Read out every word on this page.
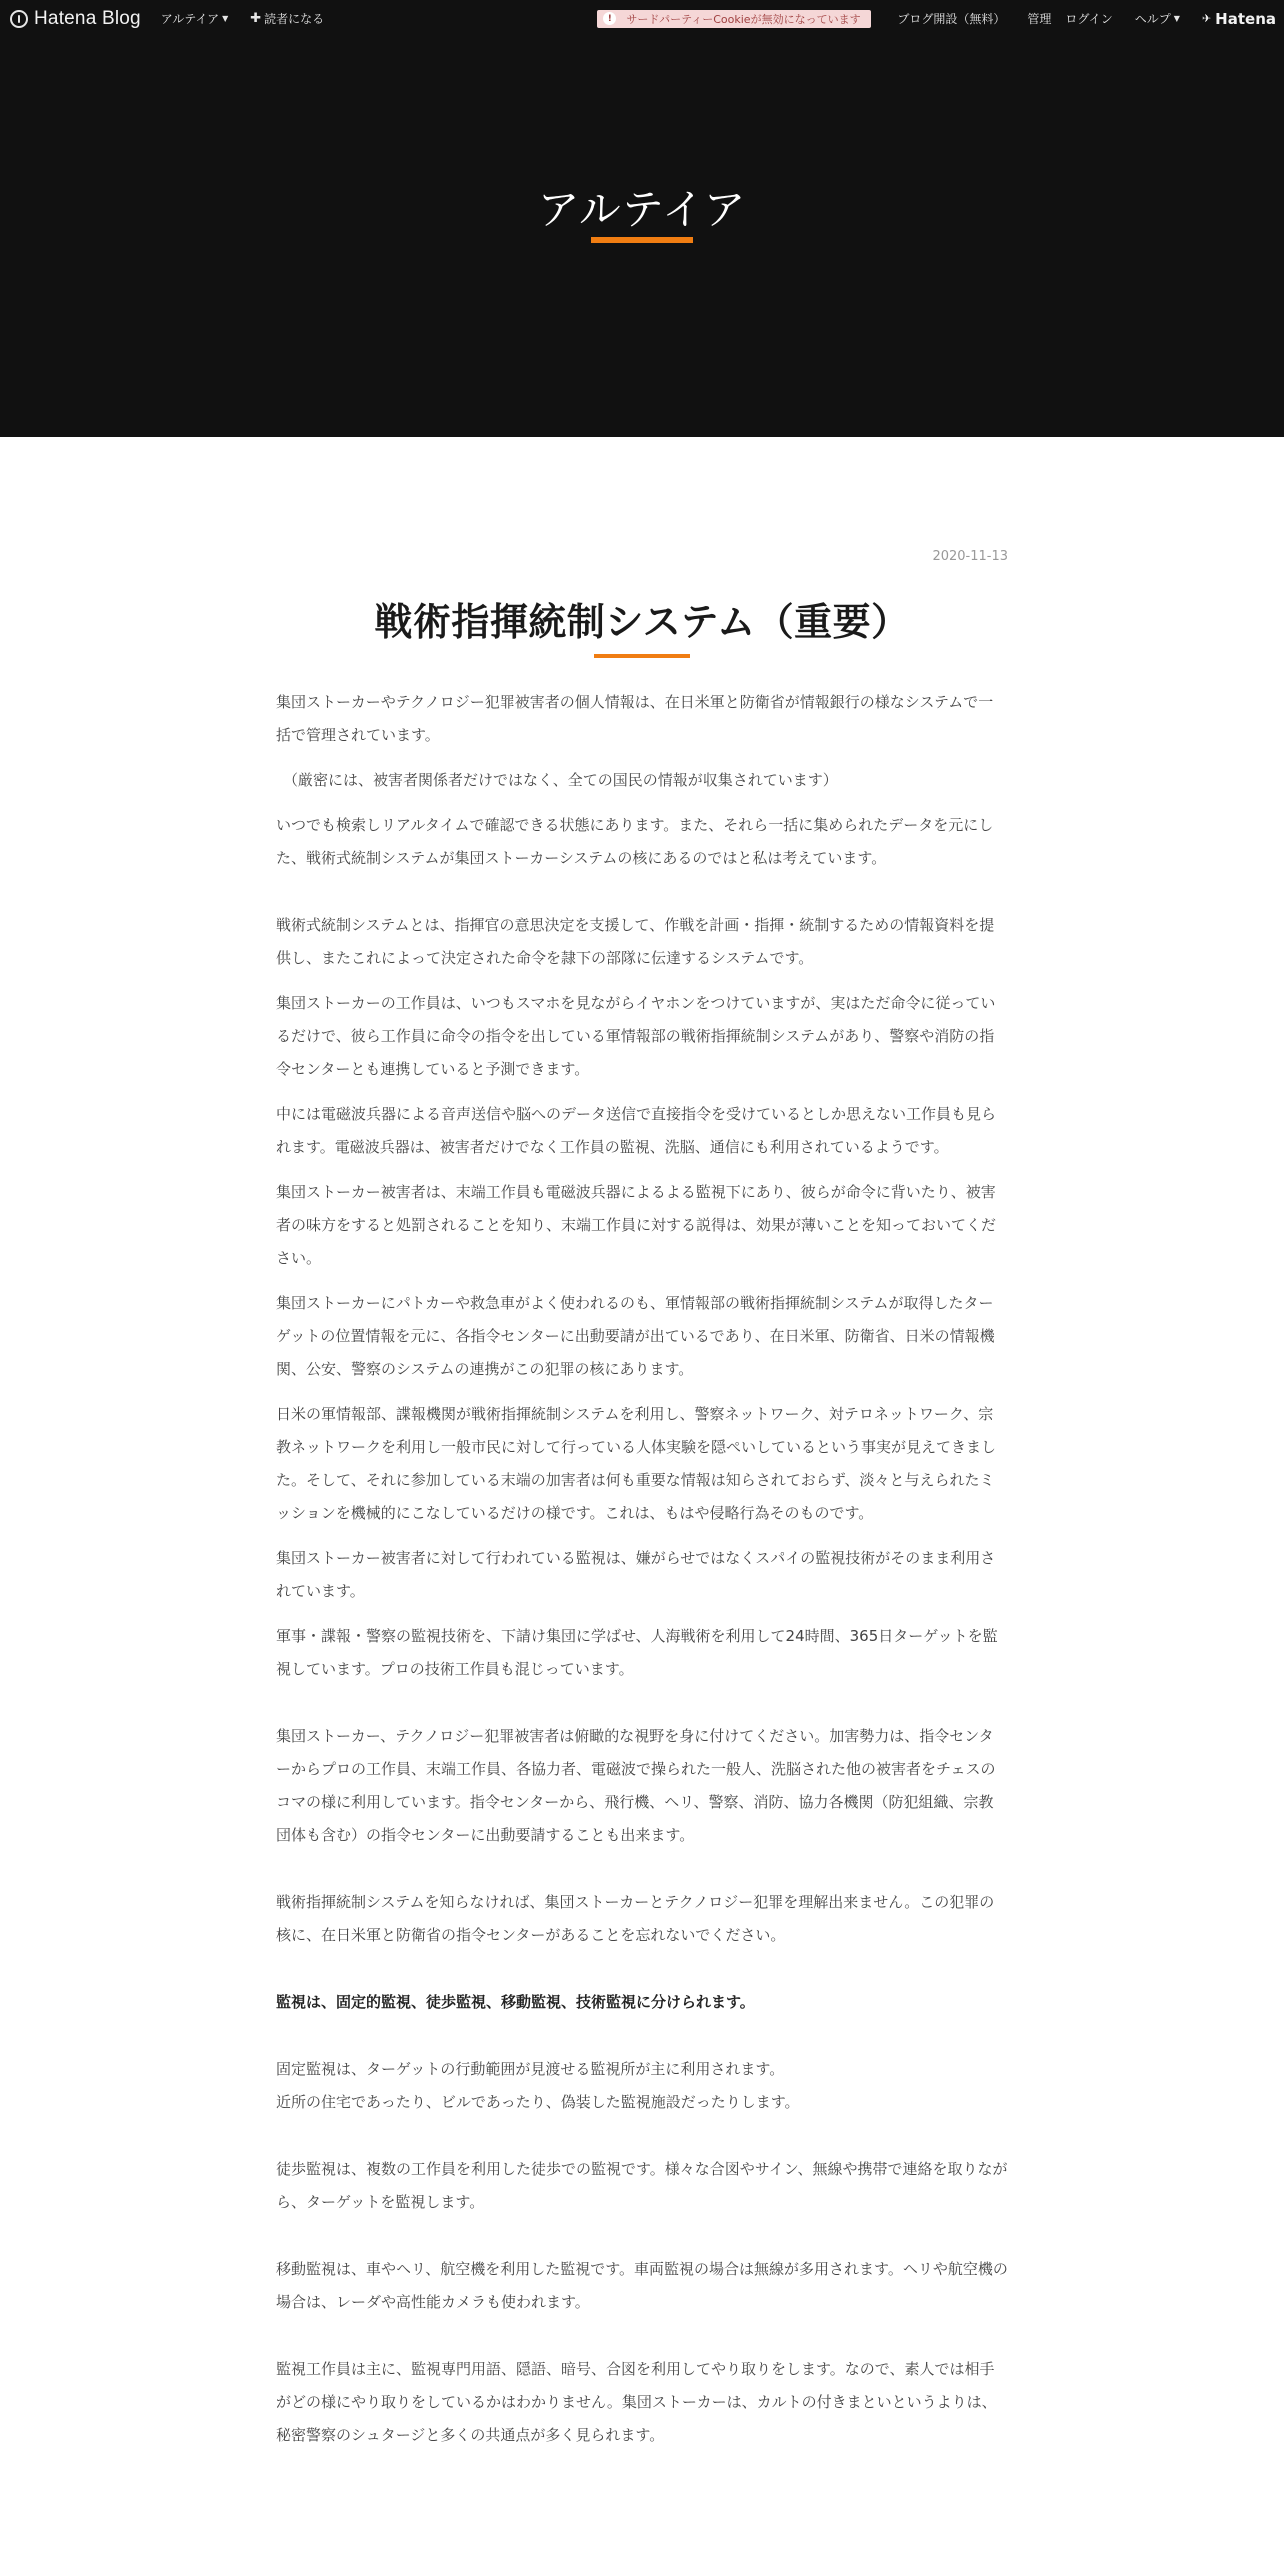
Hatena Blog アルテイア ▼ ✚ 読者になる	!	サードパーティーCookieが無効になっています	ブログ開設（無料） 管理 ログイン ヘルプ ▼ ✈ Hatena
アルテイア
2020-11-13
戦術指揮統制システム（重要）

集団ストーカーやテクノロジー犯罪被害者の個人情報は、在日米軍と防衛省が情報銀行の様なシステムで一括で管理されています。

（厳密には、被害者関係者だけではなく、全ての国民の情報が収集されています）

いつでも検索しリアルタイムで確認できる状態にあります。また、それら一括に集められたデータを元にした、戦術式統制システムが集団ストーカーシステムの核にあるのではと私は考えています。

戦術式統制システムとは、指揮官の意思決定を支援して、作戦を計画・指揮・統制するための情報資料を提供し、またこれによって決定された命令を隷下の部隊に伝達するシステムです。

集団ストーカーの工作員は、いつもスマホを見ながらイヤホンをつけていますが、実はただ命令に従っているだけで、彼ら工作員に命令の指令を出している軍情報部の戦術指揮統制システムがあり、警察や消防の指令センターとも連携していると予測できます。

中には電磁波兵器による音声送信や脳へのデータ送信で直接指令を受けているとしか思えない工作員も見られます。電磁波兵器は、被害者だけでなく工作員の監視、洗脳、通信にも利用されているようです。

集団ストーカー被害者は、末端工作員も電磁波兵器によるよる監視下にあり、彼らが命令に背いたり、被害者の味方をすると処罰されることを知り、末端工作員に対する説得は、効果が薄いことを知っておいてください。

集団ストーカーにパトカーや救急車がよく使われるのも、軍情報部の戦術指揮統制システムが取得したターゲットの位置情報を元に、各指令センターに出動要請が出ているであり、在日米軍、防衛省、日米の情報機関、公安、警察のシステムの連携がこの犯罪の核にあります。

日米の軍情報部、諜報機関が戦術指揮統制システムを利用し、警察ネットワーク、対テロネットワーク、宗教ネットワークを利用し一般市民に対して行っている人体実験を隠ぺいしているという事実が見えてきました。そして、それに参加している末端の加害者は何も重要な情報は知らされておらず、淡々と与えられたミッションを機械的にこなしているだけの様です。これは、もはや侵略行為そのものです。

集団ストーカー被害者に対して行われている監視は、嫌がらせではなくスパイの監視技術がそのまま利用されています。

軍事・諜報・警察の監視技術を、下請け集団に学ばせ、人海戦術を利用して24時間、365日ターゲットを監視しています。プロの技術工作員も混じっています。

集団ストーカー、テクノロジー犯罪被害者は俯瞰的な視野を身に付けてください。加害勢力は、指令センターからプロの工作員、末端工作員、各協力者、電磁波で操られた一般人、洗脳された他の被害者をチェスのコマの様に利用しています。指令センターから、飛行機、ヘリ、警察、消防、協力各機関（防犯組織、宗教団体も含む）の指令センターに出動要請することも出来ます。

戦術指揮統制システムを知らなければ、集団ストーカーとテクノロジー犯罪を理解出来ません。この犯罪の核に、在日米軍と防衛省の指令センターがあることを忘れないでください。

監視は、固定的監視、徒歩監視、移動監視、技術監視に分けられます。

固定監視は、ターゲットの行動範囲が見渡せる監視所が主に利用されます。
近所の住宅であったり、ビルであったり、偽装した監視施設だったりします。

徒歩監視は、複数の工作員を利用した徒歩での監視です。様々な合図やサイン、無線や携帯で連絡を取りながら、ターゲットを監視します。

移動監視は、車やヘリ、航空機を利用した監視です。車両監視の場合は無線が多用されます。ヘリや航空機の場合は、レーダや高性能カメラも使われます。

監視工作員は主に、監視専門用語、隠語、暗号、合図を利用してやり取りをします。なので、素人では相手がどの様にやり取りをしているかはわかりません。集団ストーカーは、カルトの付きまといというよりは、秘密警察のシュタージと多くの共通点が多く見られます。
